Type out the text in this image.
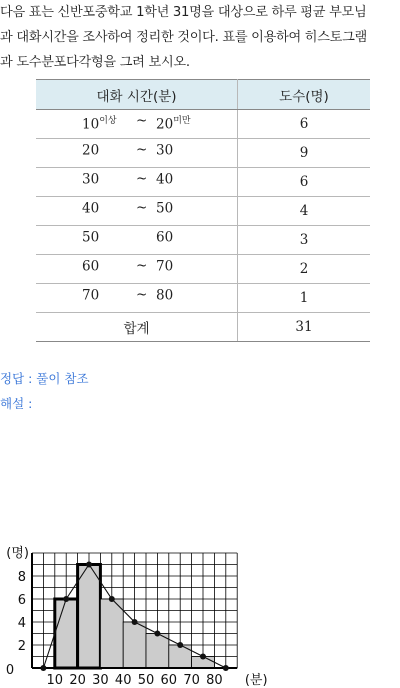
다음 표는 신반포중학교 1학년 31명을 대상으로 하루 평균 부모님
과 대화시간을 조사하여 정리한 것이다. 표를 이용하여 히스토그램
과 도수분포다각형을 그려 보시오.
대화 시간(분)	도수(명)

$10^{이상}$ ~ $20^{미만}$	6

20 ~ 30	9

30 ~ 40	6

40 ~ 50	4

50 60	3

60 ~ 70	2

70 ~ 80	1
합계	31
정답 : 풀이 참조
해설 :
10 20 30 40 50 60 70 80
2
4
6
8
0
(명)
(분)
